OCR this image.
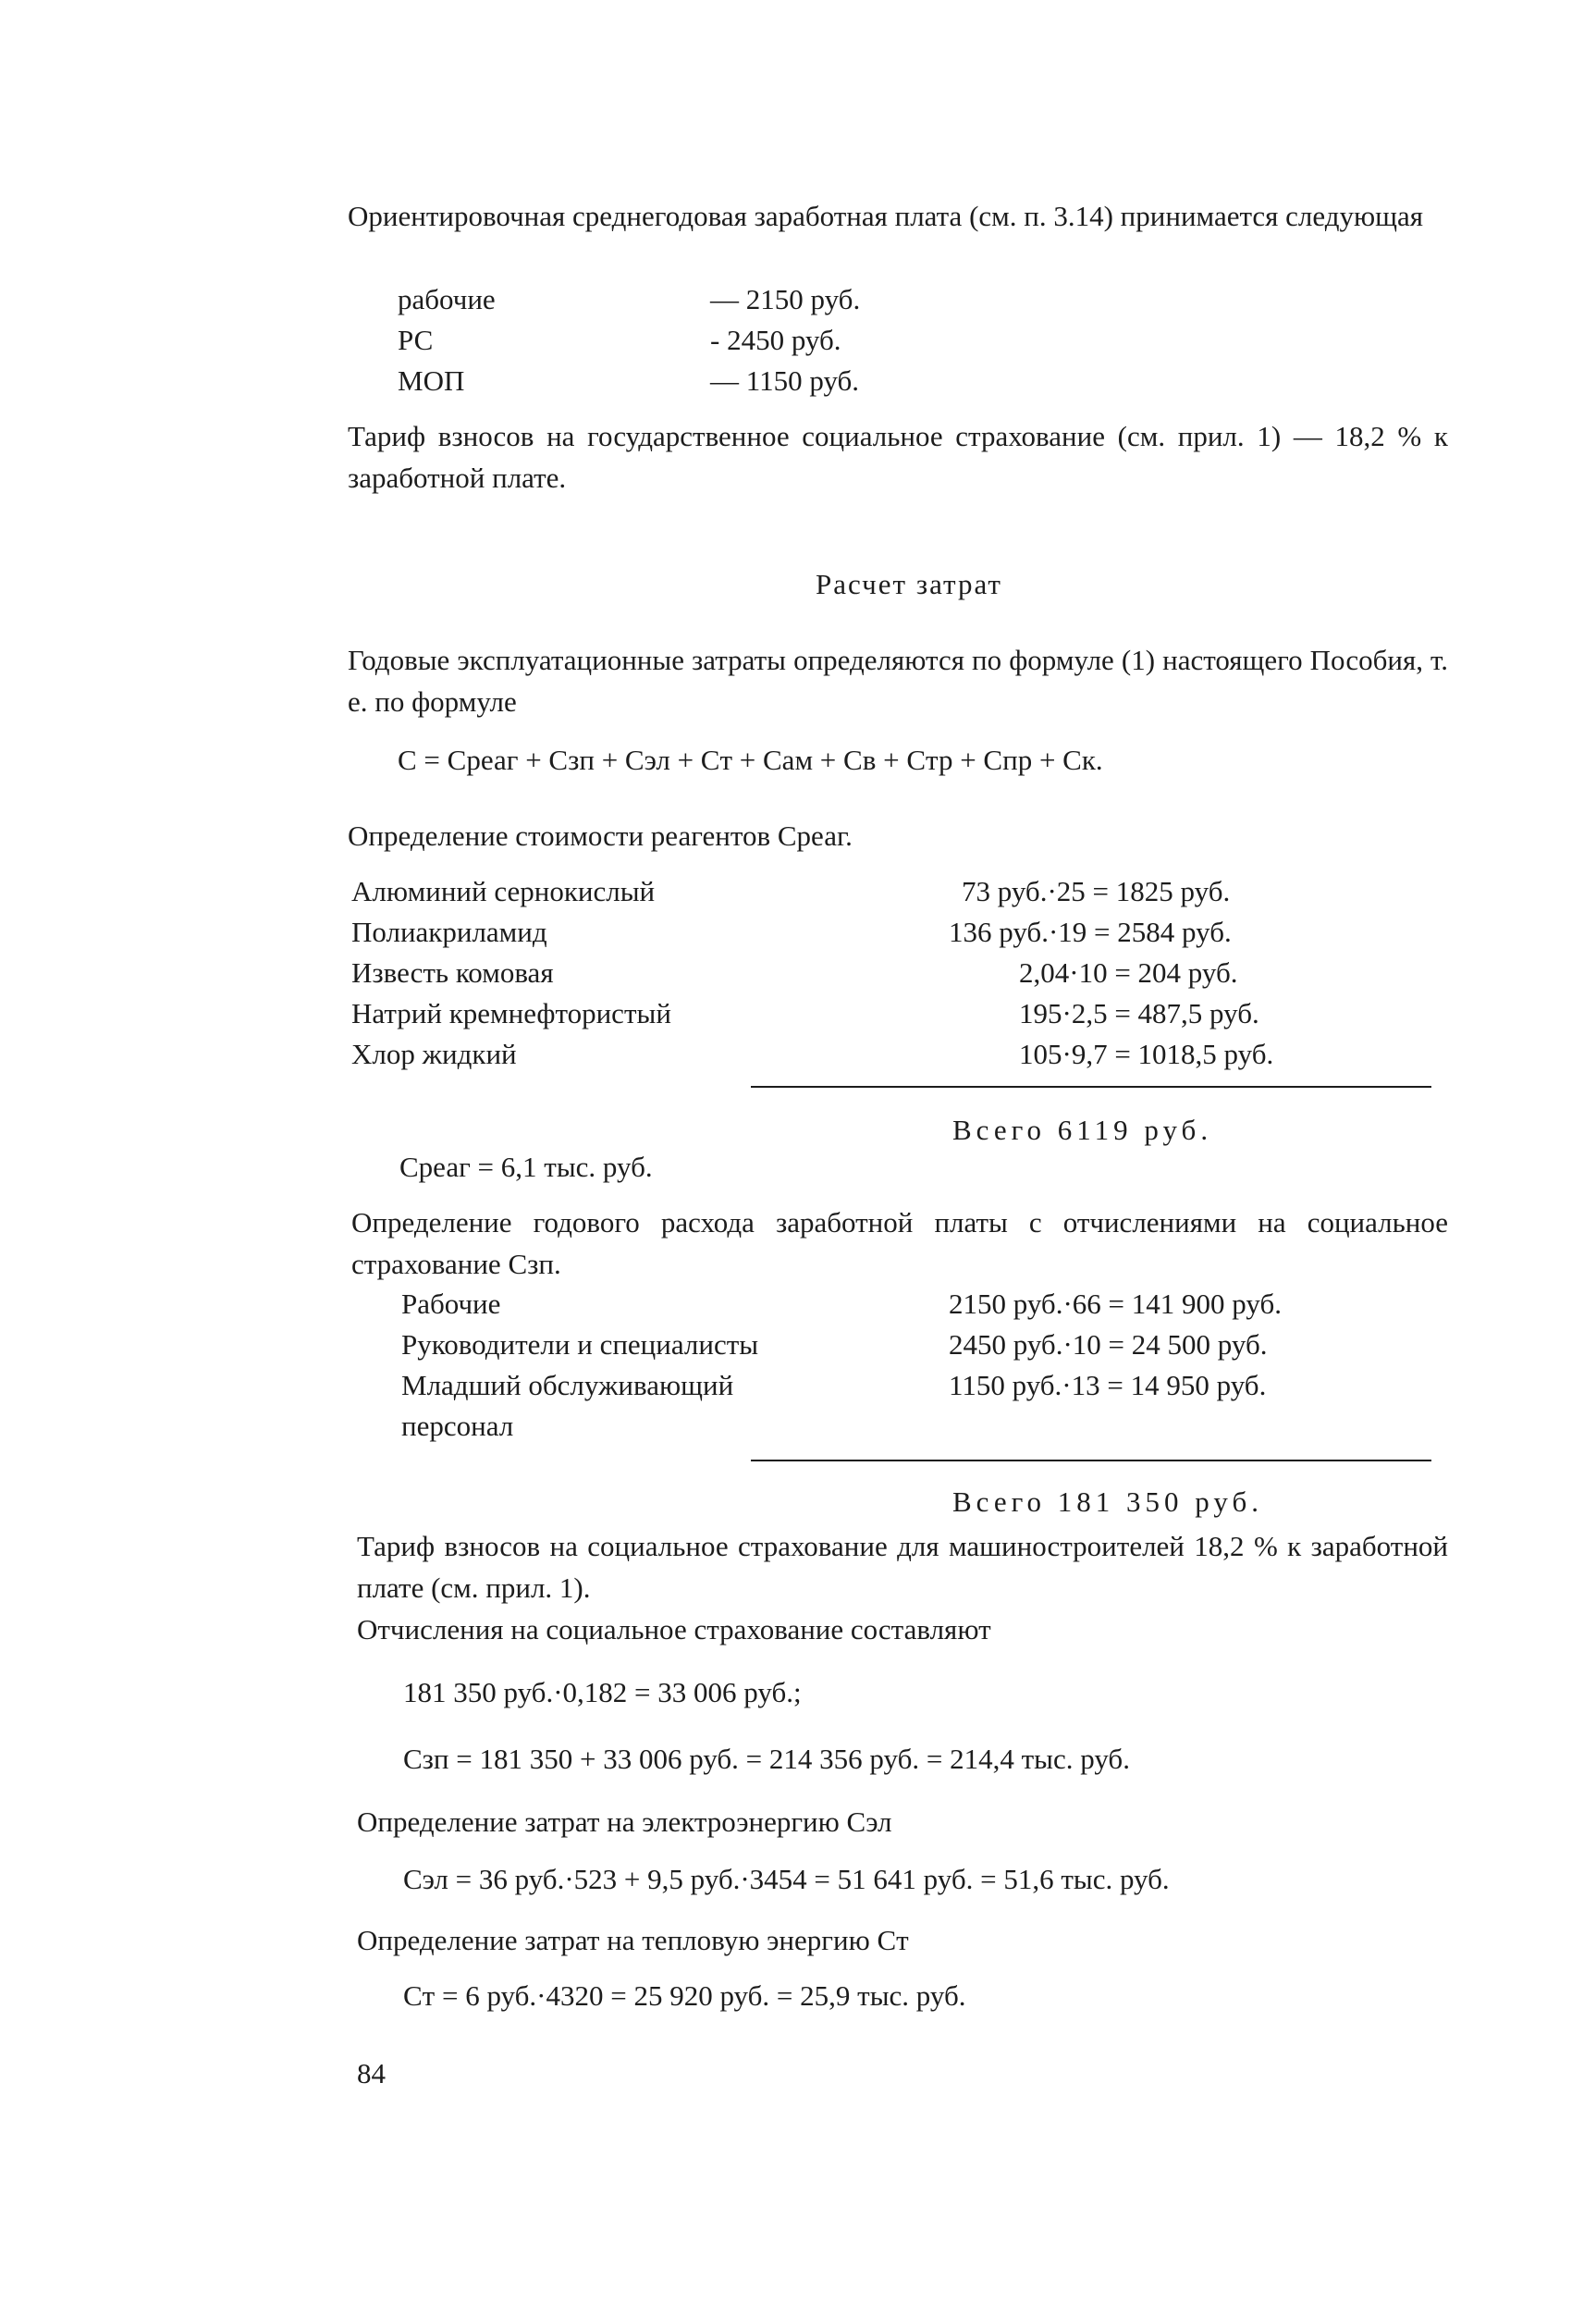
Ориентировочная среднегодовая заработная плата (см. п. 3.14) принимается следующая
рабочие	— 2150 руб.
РС	- 2450 руб.
МОП	— 1150 руб.
Тариф взносов на государственное социальное страхование (см. прил. 1) — 18,2 % к заработной плате.
Расчет затрат
Годовые эксплуатационные затраты определяются по формуле (1) настоящего Пособия, т. е. по формуле
C = Cреаг + Cзп + Cэл + Cт + Cам + Cв + Cтр + Cпр + Cк.
Определение стоимости реагентов Cреаг.
Алюминий сернокислый	73 руб.·25 = 1825 руб.
Полиакриламид	136 руб.·19 = 2584 руб.
Известь комовая	2,04·10 = 204 руб.
Натрий кремнефтористый	195·2,5 = 487,5 руб.
Хлор жидкий	105·9,7 = 1018,5 руб.
Всего 6119 руб.
Cреаг = 6,1 тыс. руб.
Определение годового расхода заработной платы с отчислениями на социальное страхование Cзп.
Рабочие	2150 руб.·66 = 141 900 руб.
Руководители и специалисты	2450 руб.·10 = 24 500 руб.
Младший обслуживающий	1150 руб.·13 = 14 950 руб.
персонал
Всего 181 350 руб.
Тариф взносов на социальное страхование для машиностроителей 18,2 % к заработной плате (см. прил. 1).
Отчисления на социальное страхование составляют
181 350 руб.·0,182 = 33 006 руб.;
Cзп = 181 350 + 33 006 руб. = 214 356 руб. = 214,4 тыс. руб.
Определение затрат на электроэнергию Cэл
Cэл = 36 руб.·523 + 9,5 руб.·3454 = 51 641 руб. = 51,6 тыс. руб.
Определение затрат на тепловую энергию Cт
Cт = 6 руб.·4320 = 25 920 руб. = 25,9 тыс. руб.
84
